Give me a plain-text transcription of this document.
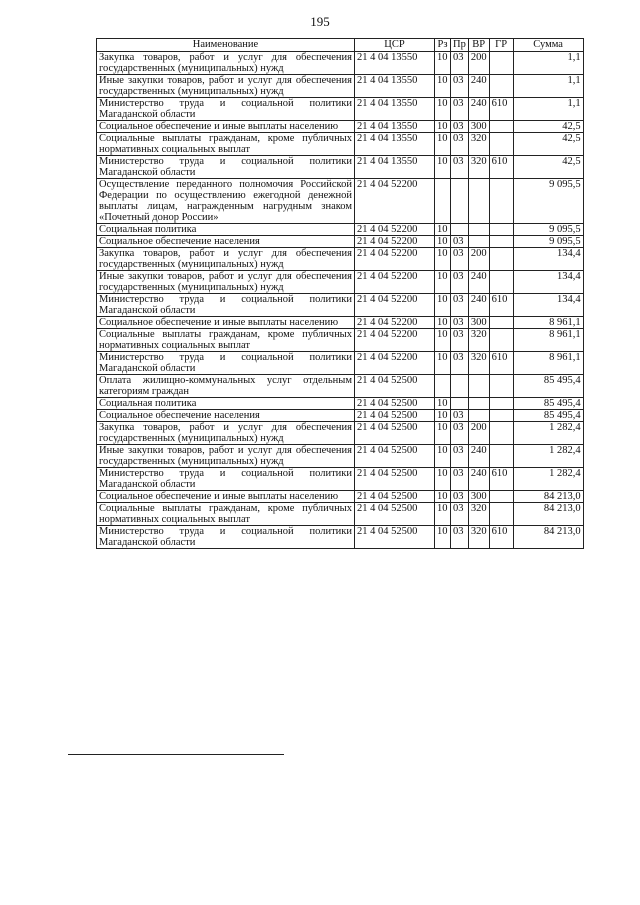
195
Наименование	ЦСР	Рз	Пр	ВР	ГР	Сумма
Закупка товаров, работ и услуг для обеспечения государственных (муниципальных) нужд	21 4 04 13550	10	03	200		1,1
Иные закупки товаров, работ и услуг для обеспечения государственных (муниципальных) нужд	21 4 04 13550	10	03	240		1,1
Министерство труда и социальной политики Магаданской области	21 4 04 13550	10	03	240	610	1,1
Социальное обеспечение и иные выплаты населению	21 4 04 13550	10	03	300		42,5
Социальные выплаты гражданам, кроме публичных нормативных социальных выплат	21 4 04 13550	10	03	320		42,5
Министерство труда и социальной политики Магаданской области	21 4 04 13550	10	03	320	610	42,5
Осуществление переданного полномочия Российской Федерации по осуществлению ежегодной денежной выплаты лицам, награжденным нагрудным знаком «Почетный донор России»	21 4 04 52200					9 095,5
Социальная политика	21 4 04 52200	10				9 095,5
Социальное обеспечение населения	21 4 04 52200	10	03			9 095,5
Закупка товаров, работ и услуг для обеспечения государственных (муниципальных) нужд	21 4 04 52200	10	03	200		134,4
Иные закупки товаров, работ и услуг для обеспечения государственных (муниципальных) нужд	21 4 04 52200	10	03	240		134,4
Министерство труда и социальной политики Магаданской области	21 4 04 52200	10	03	240	610	134,4
Социальное обеспечение и иные выплаты населению	21 4 04 52200	10	03	300		8 961,1
Социальные выплаты гражданам, кроме публичных нормативных социальных выплат	21 4 04 52200	10	03	320		8 961,1
Министерство труда и социальной политики Магаданской области	21 4 04 52200	10	03	320	610	8 961,1
Оплата жилищно-коммунальных услуг отдельным категориям граждан	21 4 04 52500					85 495,4
Социальная политика	21 4 04 52500	10				85 495,4
Социальное обеспечение населения	21 4 04 52500	10	03			85 495,4
Закупка товаров, работ и услуг для обеспечения государственных (муниципальных) нужд	21 4 04 52500	10	03	200		1 282,4
Иные закупки товаров, работ и услуг для обеспечения государственных (муниципальных) нужд	21 4 04 52500	10	03	240		1 282,4
Министерство труда и социальной политики Магаданской области	21 4 04 52500	10	03	240	610	1 282,4
Социальное обеспечение и иные выплаты населению	21 4 04 52500	10	03	300		84 213,0
Социальные выплаты гражданам, кроме публичных нормативных социальных выплат	21 4 04 52500	10	03	320		84 213,0
Министерство труда и социальной политики Магаданской области	21 4 04 52500	10	03	320	610	84 213,0
